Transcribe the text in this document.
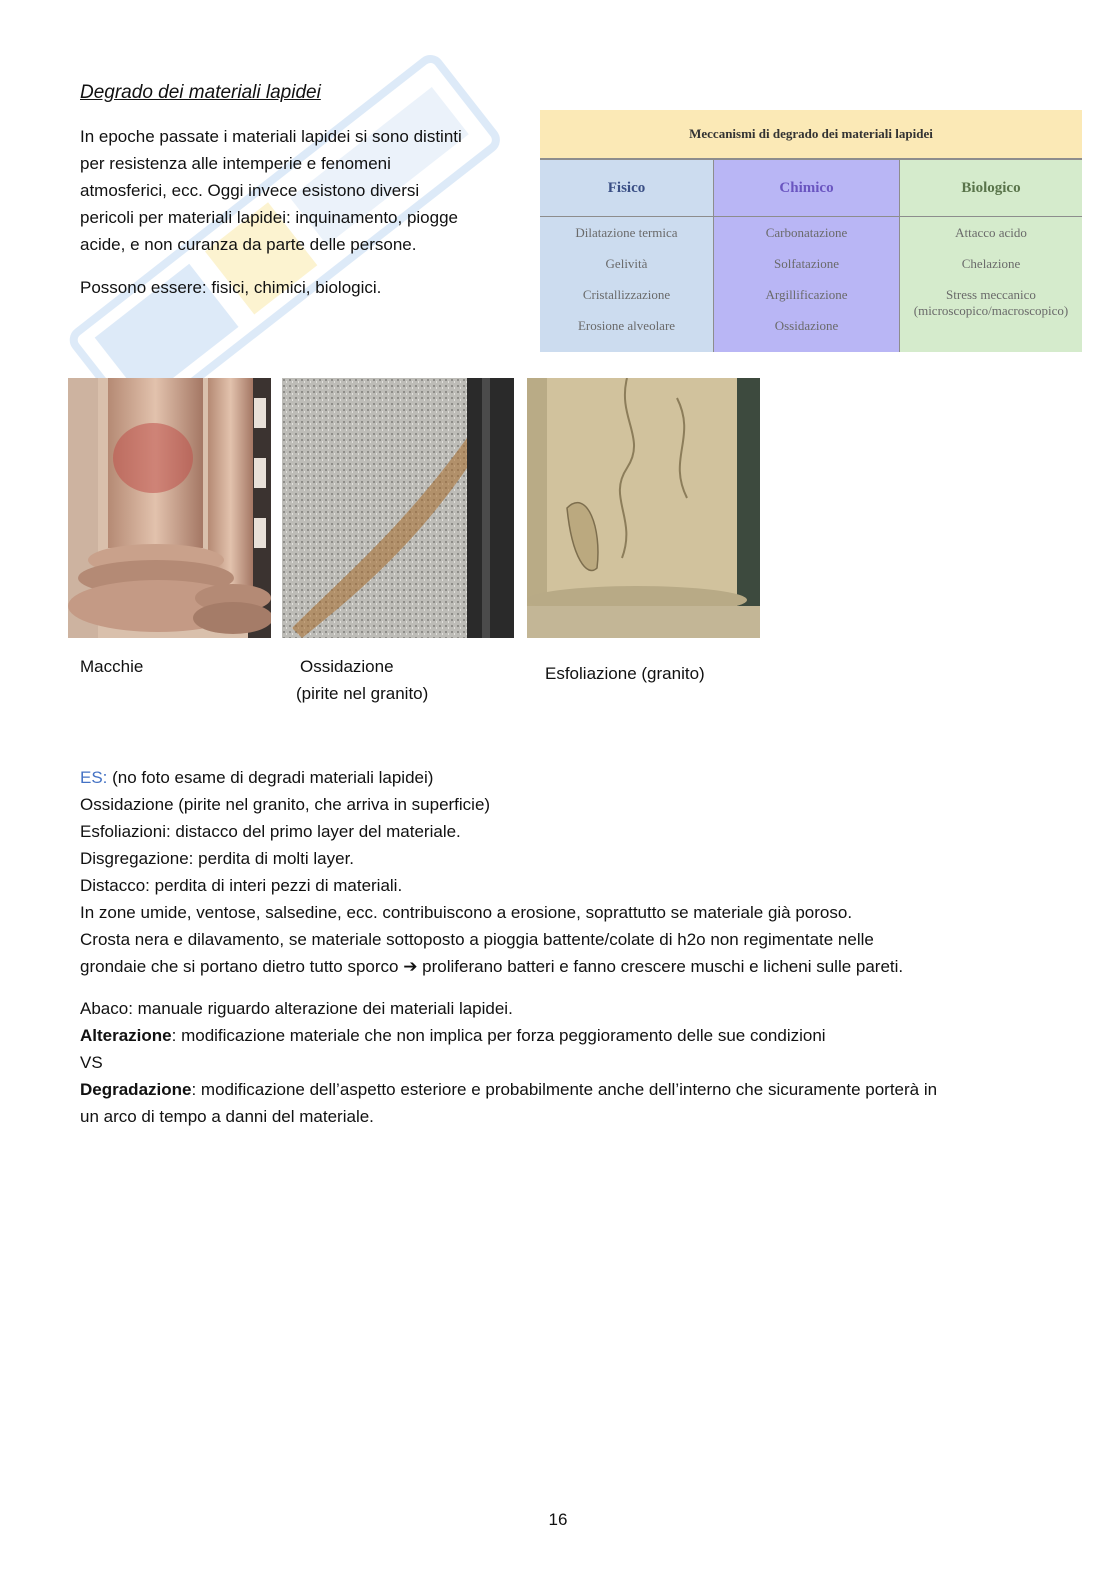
Degrado dei materiali lapidei
In epoche passate i materiali lapidei si sono distinti
per resistenza alle intemperie e fenomeni
atmosferici, ecc. Oggi invece esistono diversi
pericoli per materiali lapidei: inquinamento, piogge
acide, e non curanza da parte delle persone.
Possono essere: fisici, chimici, biologici.
Meccanismi di degrado dei materiali lapidei
Fisico
Dilatazione termica
Gelività
Cristallizzazione
Erosione alveolare
Chimico
Carbonatazione
Solfatazione
Argillificazione
Ossidazione
Biologico
Attacco acido
Chelazione
Stress meccanico
(microscopico/macroscopico)
Macchie	Ossidazione
(pirite nel granito)
Esfoliazione (granito)

ES: (no foto esame di degradi materiali lapidei)

Ossidazione (pirite nel granito, che arriva in superficie)

Esfoliazioni: distacco del primo layer del materiale.

Disgregazione: perdita di molti layer.

Distacco: perdita di interi pezzi di materiali.

In zone umide, ventose, salsedine, ecc. contribuiscono a erosione, soprattutto se materiale già poroso.

Crosta nera e dilavamento, se materiale sottoposto a pioggia battente/colate di h2o non regimentate nelle

grondaie che si portano dietro tutto sporco ➔ proliferano batteri e fanno crescere muschi e licheni sulle pareti.

Abaco: manuale riguardo alterazione dei materiali lapidei.

Alterazione: modificazione materiale che non implica per forza peggioramento delle sue condizioni

VS

Degradazione: modificazione dell’aspetto esteriore e probabilmente anche dell’interno che sicuramente porterà in

un arco di tempo a danni del materiale.

16
